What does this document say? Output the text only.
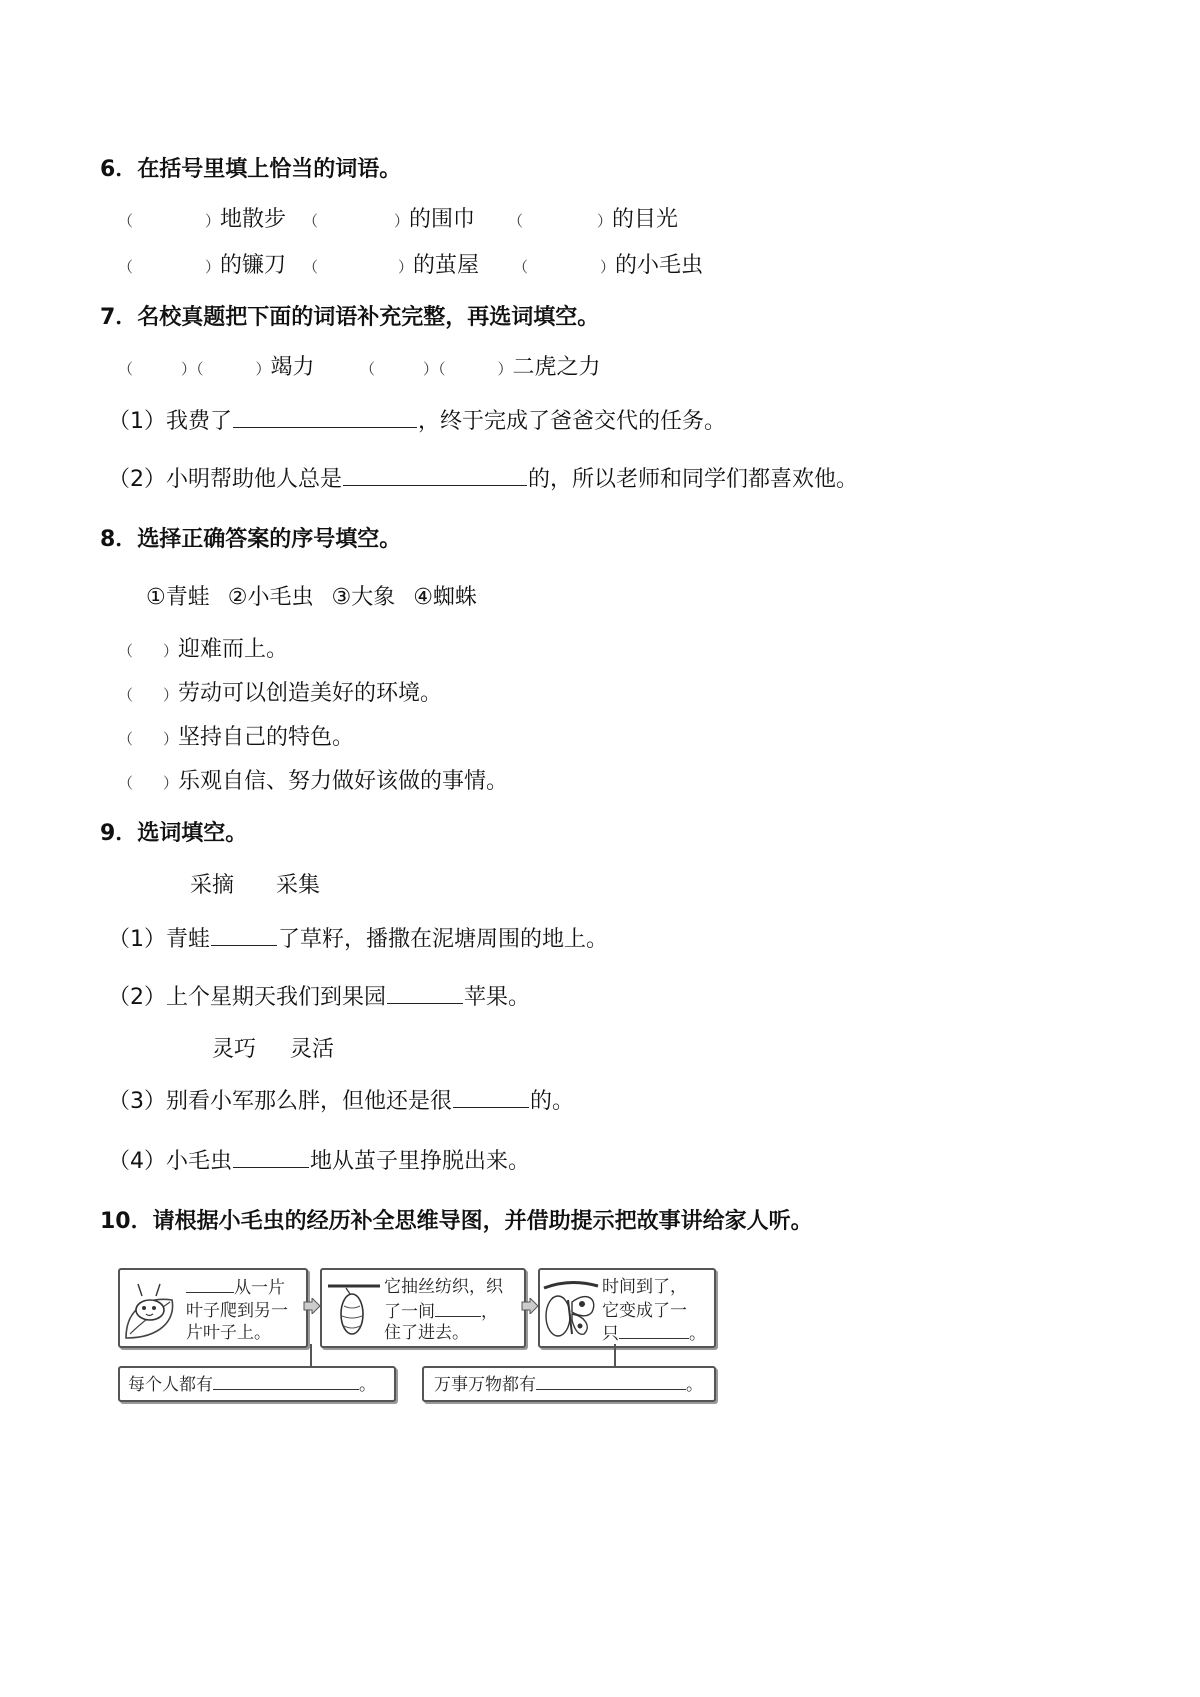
6．在括号里填上恰当的词语。
（	）地散步 （	）的围巾 （	）的目光
（	）的镰刀 （	）的茧屋 （	）的小毛虫
7．名校真题把下面的词语补充完整，再选词填空。
（	）（	）竭力	（	）（	）二虎之力
（1）我费了	，终于完成了爸爸交代的任务。
（2）小明帮助他人总是	的，所以老师和同学们都喜欢他。
8．选择正确答案的序号填空。
①青蛙 ②小毛虫 ③大象 ④蜘蛛
（ ）迎难而上。
（ ）劳动可以创造美好的环境。
（ ）坚持自己的特色。
（ ）乐观自信、努力做好该做的事情。
9．选词填空。
采摘 采集
（1）青蛙	了草籽，播撒在泥塘周围的地上。
（2）上个星期天我们到果园	苹果。
灵巧 灵活
（3）别看小军那么胖，但他还是很	的。
（4）小毛虫	地从茧子里挣脱出来。
10．请根据小毛虫的经历补全思维导图，并借助提示把故事讲给家人听。
从一片
叶子爬到另一
片叶子上。
它抽丝纺织，织
了一间	，
住了进去。
时间到了，
它变成了一
只	。
每个人都有	。	万事万物都有	。
